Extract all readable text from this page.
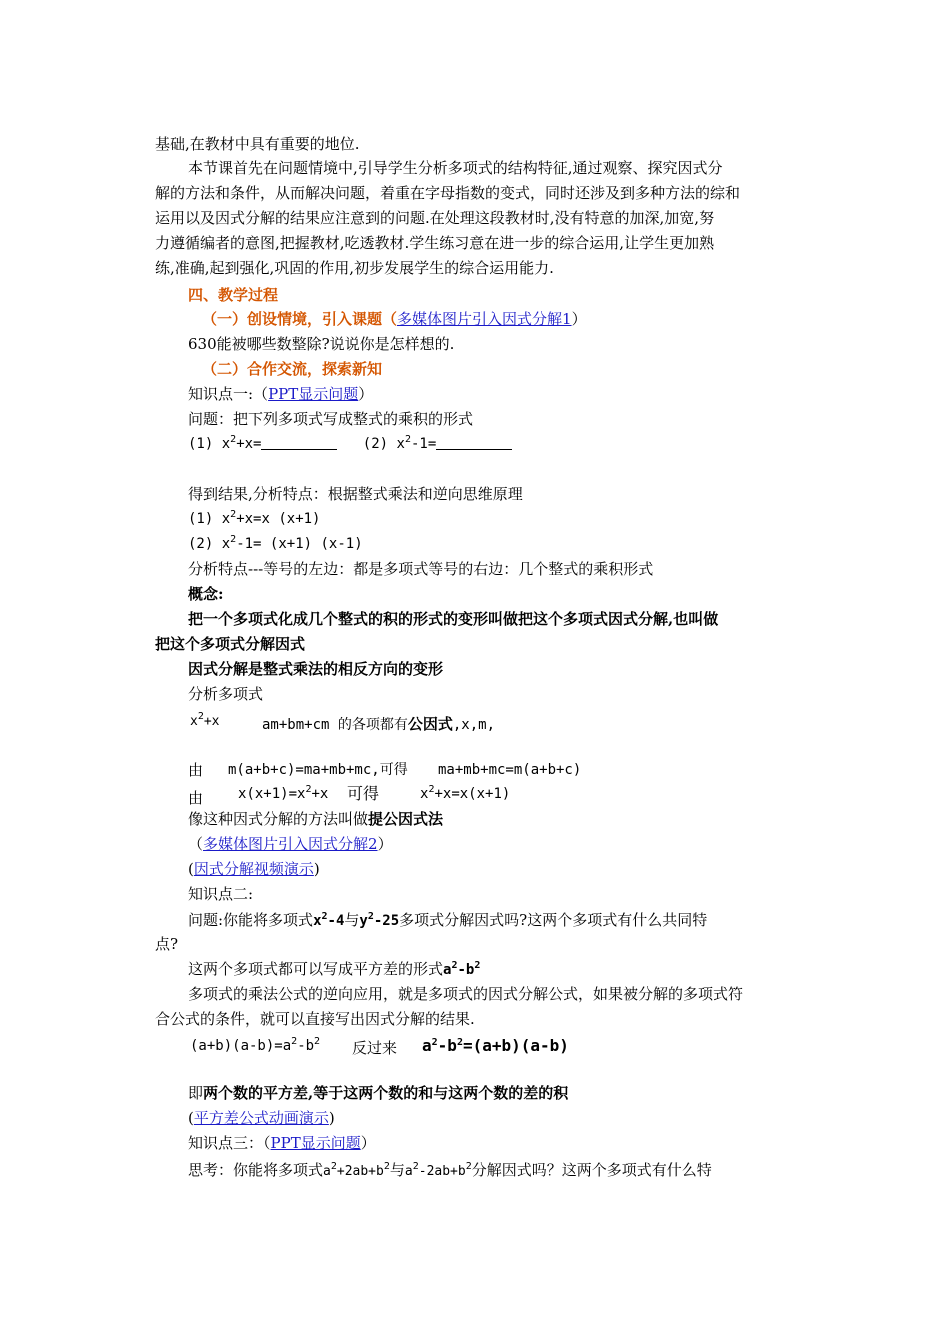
基础,在教材中具有重要的地位.
本节课首先在问题情境中,引导学生分析多项式的结构特征,通过观察、探究因式分
解的方法和条件，从而解决问题，着重在字母指数的变式，同时还涉及到多种方法的综和
运用以及因式分解的结果应注意到的问题.在处理这段教材时,没有特意的加深,加宽,努
力遵循编者的意图,把握教材,吃透教材.学生练习意在进一步的综合运用,让学生更加熟
练,准确,起到强化,巩固的作用,初步发展学生的综合运用能力.
四、教学过程
（一）创设情境，引入课题（多媒体图片引入因式分解1）
630能被哪些数整除?说说你是怎样想的.
（二）合作交流，探索新知
知识点一:（PPT显示问题）
问题：把下列多项式写成整式的乘积的形式
(1) $x^2+x=$	(2) $x^2-1=$
得到结果,分析特点：根据整式乘法和逆向思维原理
(1) $x^2+x=x$ (x+1)
(2) $x^2-1= (x+1)$ (x-1)
分析特点---等号的左边：都是多项式等号的右边：几个整式的乘积形式
概念:
把一个多项式化成几个整式的积的形式的变形叫做把这个多项式因式分解,也叫做
把这个多项式分解因式
因式分解是整式乘法的相反方向的变形
分析多项式
$x^2+x$	am+bm+cm 的各项都有公因式,x,m,
由 m(a+b+c)=ma+mb+mc,可得 ma+mb+mc=m(a+b+c)
由 $x(x+1)=x^2+x$ 可得	$x^2+x=x(x+1)$
像这种因式分解的方法叫做提公因式法
（多媒体图片引入因式分解2）
(因式分解视频演示)
知识点二:
问题:你能将多项式$x^2-4$与$y^2-25$多项式分解因式吗?这两个多项式有什么共同特
点?
这两个多项式都可以写成平方差的形式$a^2-b^2$
多项式的乘法公式的逆向应用，就是多项式的因式分解公式，如果被分解的多项式符
合公式的条件，就可以直接写出因式分解的结果.
$(a+b)(a-b)=a^2-b^2$ 反过来 $a^2-b^2=(a+b)(a-b)$
即两个数的平方差,等于这两个数的和与这两个数的差的积
(平方差公式动画演示)
知识点三：（PPT显示问题）
思考：你能将多项式$a^2+2ab+b^2$与$a^2-2ab+b^2$分解因式吗？这两个多项式有什么特
